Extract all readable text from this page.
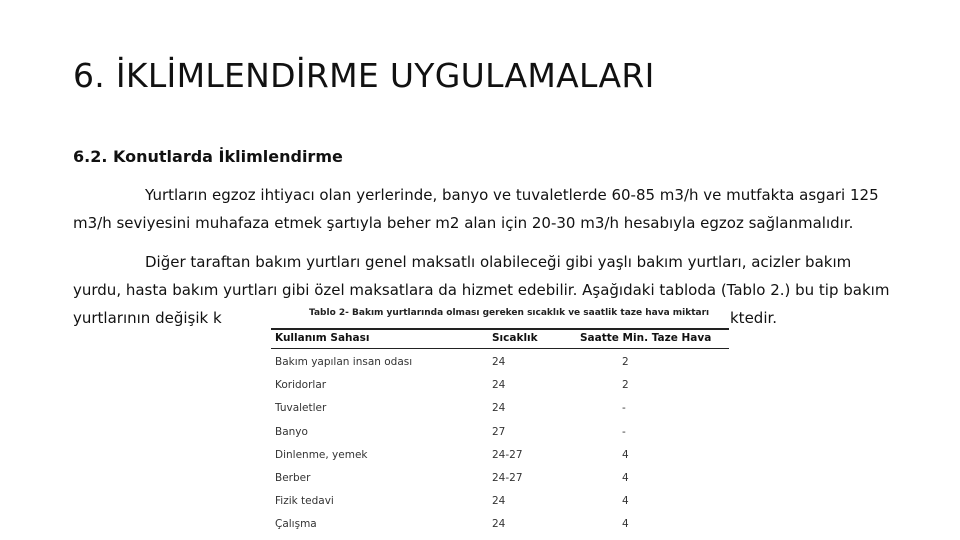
6. İKLİMLENDİRME UYGULAMALARI
6.2. Konutlarda İklimlendirme
Yurtların egzoz ihtiyacı olan yerlerinde, banyo ve tuvaletlerde 60-85 m3/h ve mutfakta asgari 125 m3/h seviyesini muhafaza etmek şartıyla beher m2 alan için 20-30 m3/h hesabıyla egzoz sağlanmalıdır.
Diğer taraftan bakım yurtları genel maksatlı olabileceği gibi yaşlı bakım yurtları, acizler bakım yurdu, hasta bakım yurtları gibi özel maksatlara da hizmet edebilir. Aşağıdaki tabloda (Tablo 2.) bu tip bakım yurtlarının değişik k	ktedir.
Tablo 2- Bakım yurtlarında olması gereken sıcaklık ve saatlik taze hava miktarı
Kullanım Sahası	Sıcaklık	Saatte Min. Taze Hava
Bakım yapılan insan odası	24	2
Koridorlar	24	2
Tuvaletler	24	-
Banyo	27	-
Dinlenme, yemek	24-27	4
Berber	24-27	4
Fizik tedavi	24	4
Çalışma	24	4
